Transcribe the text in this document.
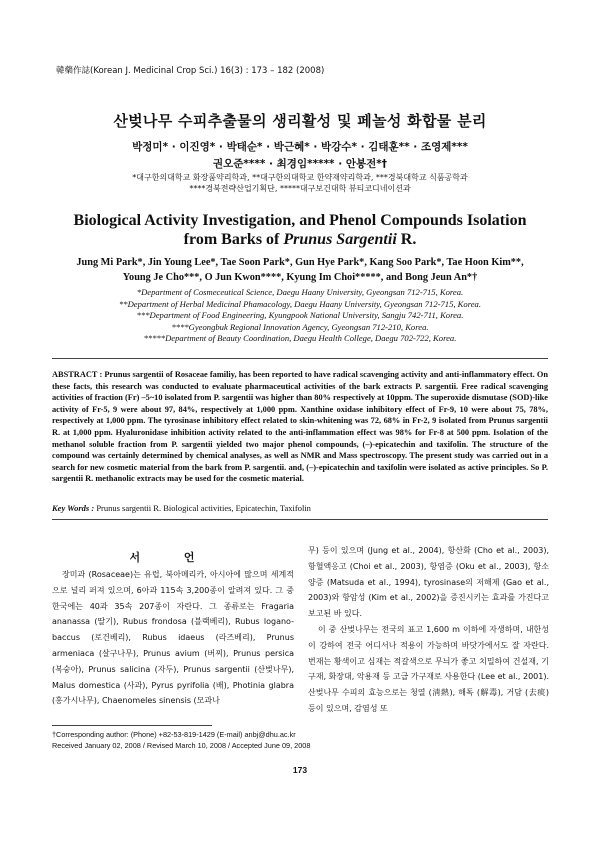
韓藥作誌(Korean J. Medicinal Crop Sci.) 16(3) : 173 – 182 (2008)
산벚나무 수피추출물의 생리활성 및 페놀성 화합물 분리
박정미* · 이진영* · 박태순* · 박근혜* · 박강수* · 김태훈** · 조영제***
권오준**** · 최경임***** · 안봉전*†
*대구한의대학교 화장품약리학과, **대구한의대학교 한약재약리학과, ***경북대학교 식품공학과
****경북전략산업기획단, *****대구보건대학 뷰티코디네이션과
Biological Activity Investigation, and Phenol Compounds Isolation
from Barks of Prunus Sargentii R.
Jung Mi Park*, Jin Young Lee*, Tae Soon Park*, Gun Hye Park*, Kang Soo Park*, Tae Hoon Kim**,
Young Je Cho***, O Jun Kwon****, Kyung Im Choi*****, and Bong Jeun An*†
*Department of Cosmeceutical Science, Daegu Haany University, Gyeongsan 712-715, Korea.
**Department of Herbal Medicinal Phamacology, Daegu Haany University, Gyeongsan 712-715, Korea.
***Department of Food Engineering, Kyungpook National University, Sangju 742-711, Korea.
****Gyeongbuk Regional Innovation Agency, Gyeongsan 712-210, Korea.
*****Department of Beauty Coordination, Daegu Health College, Daegu 702-722, Korea.

ABSTRACT : Prunus sargentii of Rosaceae familiy, has been reported to have radical scavenging activity and anti-inflammatory effect. On these facts, this research was conducted to evaluate pharmaceutical activities of the bark extracts P. sargentii. Free radical scavenging activities of fraction (Fr) –5~10 isolated from P. sargentii was higher than 80% respectively at 10ppm. The superoxide dismutase (SOD)-like activity of Fr-5, 9 were about 97, 84%, respectively at 1,000 ppm. Xanthine oxidase inhibitory effect of Fr-9, 10 were about 75, 78%, respectively at 1,000 ppm. The tyrosinase inhibitory effect related to skin-whitening was 72, 68% in Fr-2, 9 isolated from Prunus sargentii R. at 1,000 ppm. Hyaluronidase inhibition activity related to the anti-inflammation effect was 98% for Fr-8 at 500 ppm. Isolation of the methanol soluble fraction from P. sargentii yielded two major phenol compounds, (–)-epicatechin and taxifolin. The structure of the compound was certainly determined by chemical analyses, as well as NMR and Mass spectroscopy. The present study was carried out in a search for new cosmetic material from the bark from P. sargentii. and, (–)-epicatechin and taxifolin were isolated as active principles. So P. sargentii R. methanolic extracts may be used for the cosmetic material.

Key Words : Prunus sargentii R. Biological activities, Epicatechin, Taxifolin
서 언

장미과 (Rosaceae)는 유럽, 북아메리카, 아시아에 많으며 세계적으로 널리 퍼져 있으며, 6아과 115속 3,200종이 알려져 있다. 그 중 한국에는 40과 35속 207종이 자란다. 그 종류로는 Fragaria ananassa (딸기), Rubus frondosa (블랙베리), Rubus logano-baccus (로건베리), Rubus idaeus (라즈베리), Prunus armeniaca (살구나무), Prunus avium (버찌), Prunus persica (복숭아), Prunus salicina (자두), Prunus sargentii (산벚나무), Malus domestica (사과), Pyrus pyrifolia (배), Photinia glabra (홍가시나무), Chaenomeles sinensis (모과나

무) 등이 있으며 (Jung et al., 2004), 항산화 (Cho et al., 2003), 항혈액응고 (Choi et al., 2003), 항염증 (Oku et al., 2003), 항소양증 (Matsuda et al., 1994), tyrosinase의 저해제 (Gao et al., 2003)와 항암성 (Kim et al., 2002)을 증진시키는 효과를 가진다고 보고된 바 있다.

이 중 산벚나무는 전국의 표고 1,600 m 이하에 자생하며, 내한성이 강하여 전국 어디서나 적용이 가능하며 바닷가에서도 잘 자란다. 번재는 황색이고 심재는 적갈색으로 무늬가 좋고 치밀하여 건설재, 기구재, 화장대, 악용재 등 고급 가구재로 사용한다 (Lee et al., 2001). 산벚나무 수피의 효능으로는 청열 (淸熱), 해독 (解毒), 거담 (去痰) 등이 있으며, 감염성 또

†Corresponding author: (Phone) +82-53-819-1429 (E-mail) anbj@dhu.ac.kr
Received January 02, 2008 / Revised March 10, 2008 / Accepted June 09, 2008
173
